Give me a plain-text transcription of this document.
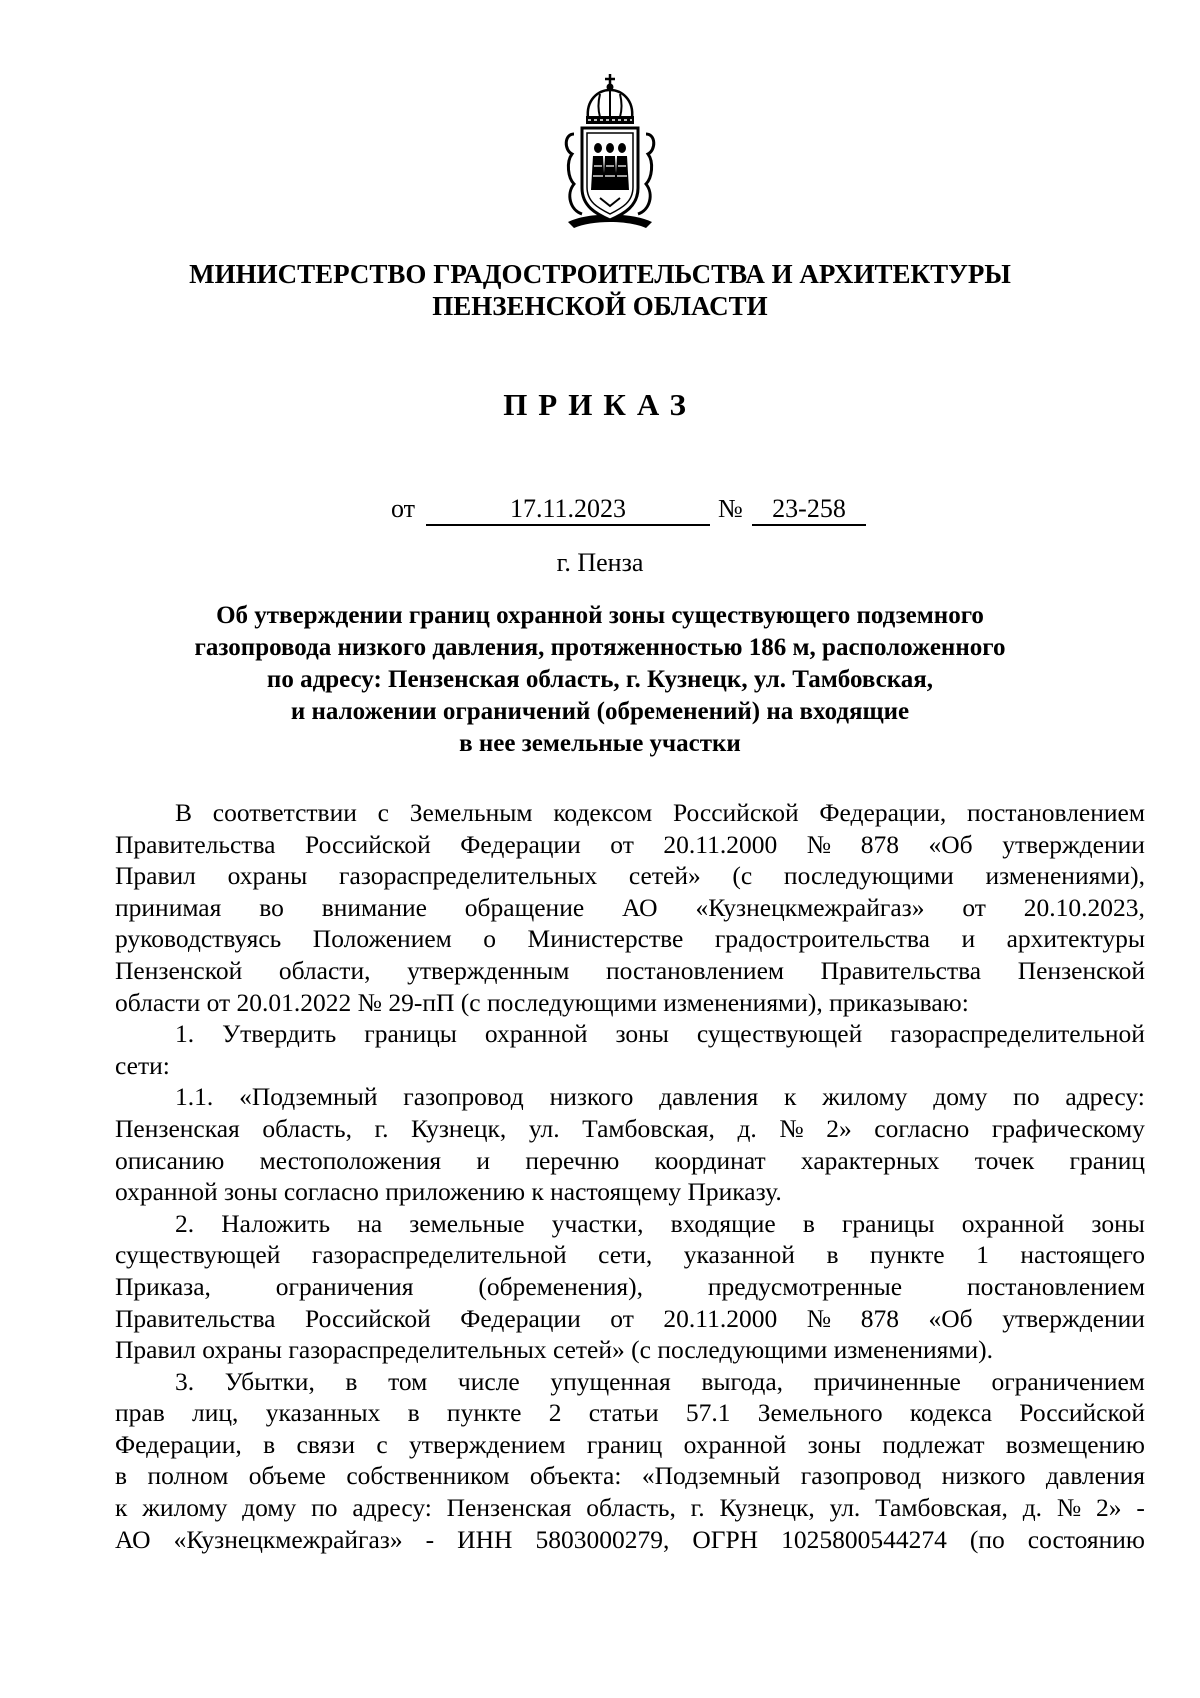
МИНИСТЕРСТВО ГРАДОСТРОИТЕЛЬСТВА И АРХИТЕКТУРЫ
ПЕНЗЕНСКОЙ ОБЛАСТИ
ПРИКАЗ
от	17.11.2023	№	23-258
г. Пенза
Об утверждении границ охранной зоны существующего подземного
газопровода низкого давления, протяженностью 186 м, расположенного
по адресу: Пензенская область, г. Кузнецк, ул. Тамбовская,
и наложении ограничений (обременений) на входящие
в нее земельные участки
В соответствии с Земельным кодексом Российской Федерации, постановлением
Правительства Российской Федерации от 20.11.2000 № 878 «Об утверждении
Правил охраны газораспределительных сетей» (с последующими изменениями),
принимая во внимание обращение АО «Кузнецкмежрайгаз» от 20.10.2023,
руководствуясь Положением о Министерстве градостроительства и архитектуры
Пензенской области, утвержденным постановлением Правительства Пензенской
области от 20.01.2022 № 29-пП (с последующими изменениями), приказываю:
1. Утвердить границы охранной зоны существующей газораспределительной
сети:
1.1. «Подземный газопровод низкого давления к жилому дому по адресу:
Пензенская область, г. Кузнецк, ул. Тамбовская, д. № 2» согласно графическому
описанию местоположения и перечню координат характерных точек границ
охранной зоны согласно приложению к настоящему Приказу.
2. Наложить на земельные участки, входящие в границы охранной зоны
существующей газораспределительной сети, указанной в пункте 1 настоящего
Приказа,	ограничения	(обременения),	предусмотренные	постановлением
Правительства Российской Федерации от 20.11.2000 № 878 «Об утверждении
Правил охраны газораспределительных сетей» (с последующими изменениями).
3. Убытки, в том числе упущенная выгода, причиненные ограничением
прав лиц, указанных в пункте 2 статьи 57.1 Земельного кодекса Российской
Федерации, в связи с утверждением границ охранной зоны подлежат возмещению
в полном объеме собственником объекта: «Подземный газопровод низкого давления
к жилому дому по адресу: Пензенская область, г. Кузнецк, ул. Тамбовская, д. № 2» -
АО «Кузнецкмежрайгаз» - ИНН 5803000279, ОГРН 1025800544274 (по состоянию
